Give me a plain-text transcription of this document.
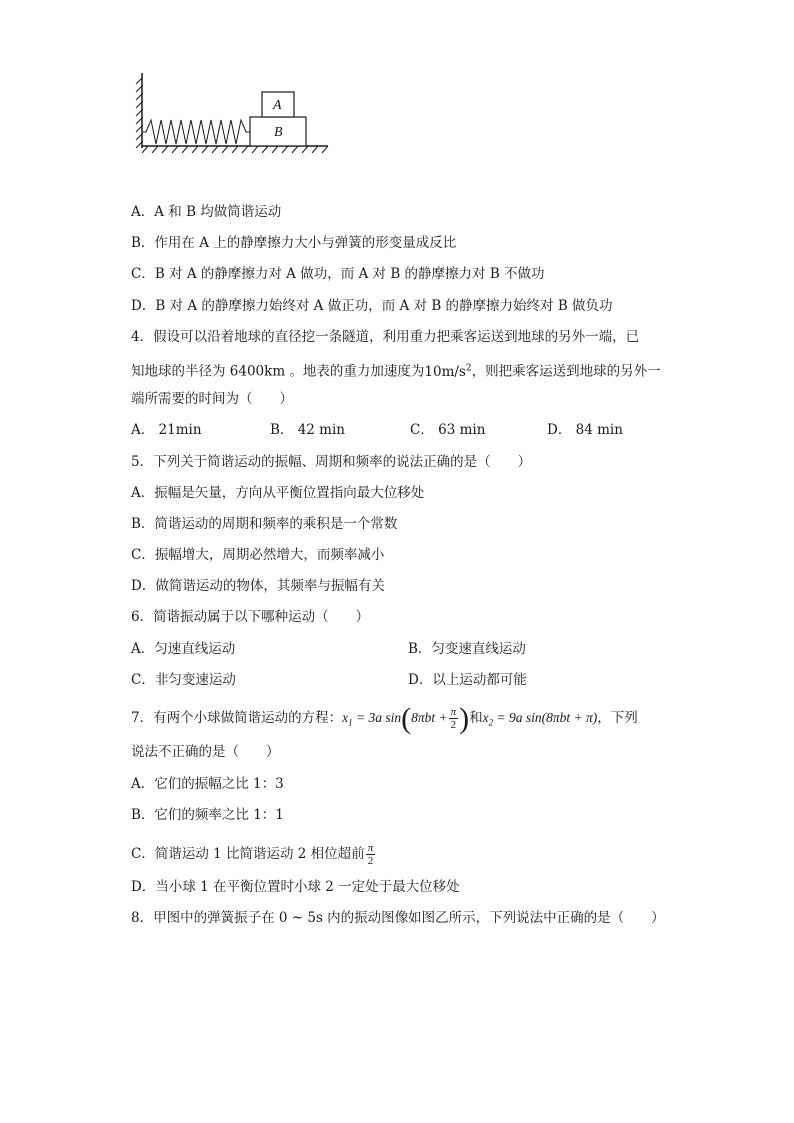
B
A
A．A 和 B 均做简谐运动
B．作用在 A 上的静摩擦力大小与弹簧的形变量成反比
C．B 对 A 的静摩擦力对 A 做功，而 A 对 B 的静摩擦力对 B 不做功
D．B 对 A 的静摩擦力始终对 A 做正功，而 A 对 B 的静摩擦力始终对 B 做负功
4．假设可以沿着地球的直径挖一条隧道，利用重力把乘客运送到地球的另外一端，已
知地球的半径为 6400km 。地表的重力加速度为$10m/s^2$，则把乘客运送到地球的另外一
端所需要的时间为（　　）
A． 21min	B． 42 min	C． 63 min	D． 84 min
5．下列关于简谐运动的振幅、周期和频率的说法正确的是（　　）
A．振幅是矢量，方向从平衡位置指向最大位移处
B．简谐运动的周期和频率的乘积是一个常数
C．振幅增大，周期必然增大，而频率减小
D．做简谐运动的物体，其频率与振幅有关
6．简谐振动属于以下哪种运动（　　）
A．匀速直线运动	B．匀变速直线运动
C．非匀变速运动	D．以上运动都可能
7．有两个小球做简谐运动的方程：$x_1 = 3a$ $\sin(8\pi bt + \frac{\pi}{2}$ )和$x_2 = 9a$ sin(8πbt + π)，下列
说法不正确的是（　　）
A．它们的振幅之比 1：3
B．它们的频率之比 1：1
C．简谐运动 1 比简谐运动 2 相位超前 $\frac{\pi}{2}$
D．当小球 1 在平衡位置时小球 2 一定处于最大位移处
8．甲图中的弹簧振子在 0 ~ 5s 内的振动图像如图乙所示，下列说法中正确的是（　　）
